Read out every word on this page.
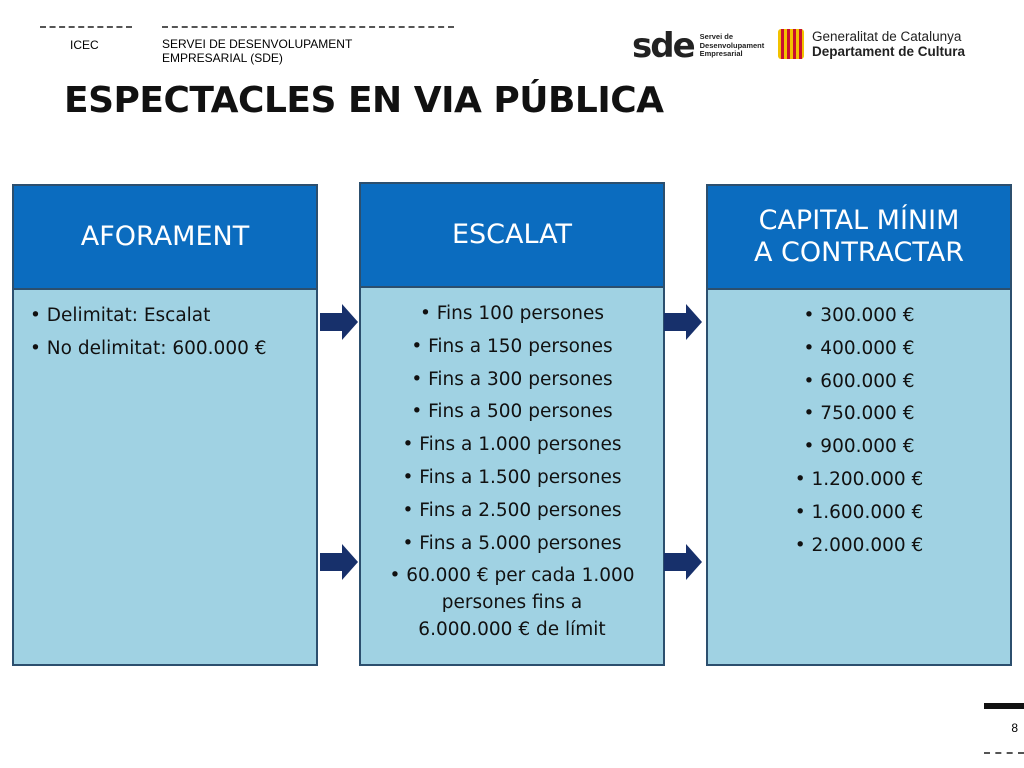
ICEC	SERVEI DE DESENVOLUPAMENT
EMPRESARIAL (SDE)	sde Servei de
Desenvolupament
Empresarial
Generalitat de Catalunya
Departament de Cultura
ESPECTACLES EN VIA PÚBLICA
AFORAMENT
• Delimitat: Escalat
• No delimitat: 600.000 €
ESCALAT
• Fins 100 persones
• Fins a 150 persones
• Fins a 300 persones
• Fins a 500 persones
• Fins a 1.000 persones
• Fins a 1.500 persones
• Fins a 2.500 persones
• Fins a 5.000 persones
• 60.000 € per cada 1.000
persones fins a
6.000.000 € de límit
CAPITAL MÍNIM
A CONTRACTAR
• 300.000 €
• 400.000 €
• 600.000 €
• 750.000 €
• 900.000 €
• 1.200.000 €
• 1.600.000 €
• 2.000.000 €
8
